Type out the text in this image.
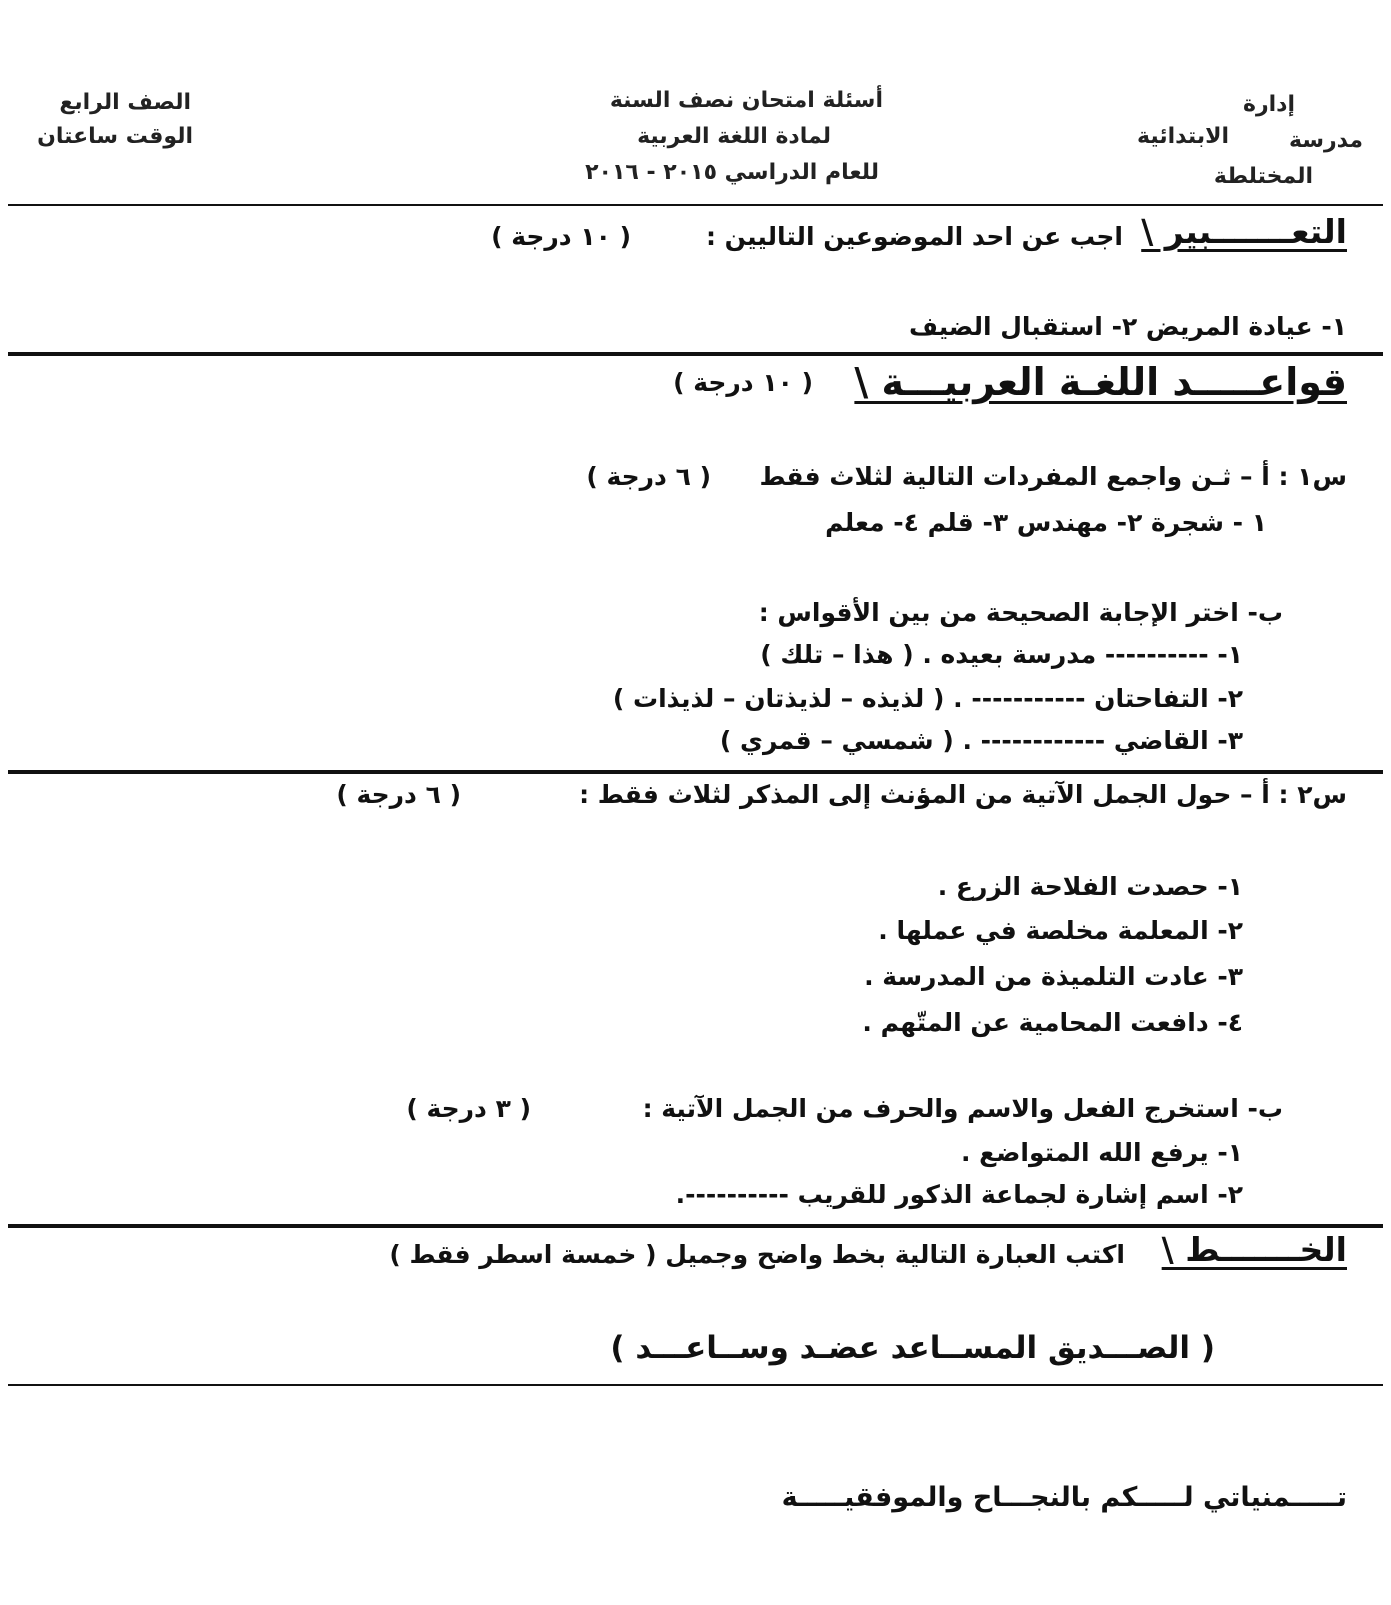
إدارة
مدرسة
الابتدائية
المختلطة
أسئلة امتحان نصف السنة
لمادة اللغة العربية
للعام الدراسي ٢٠١٥ - ٢٠١٦
الصف الرابع
الوقت ساعتان
التعـــــــبير \
اجب عن احد الموضوعين التاليين :
( ١٠ درجة )
١- عيادة المريض ٢- استقبال الضيف
قواعـــــد اللغـة العربيـــة \
( ١٠ درجة )
س١ : أ – ثـن واجمع المفردات التالية لثلاث فقط
( ٦ درجة )
١ - شجرة ٢- مهندس ٣- قلم ٤- معلم
ب- اختر الإجابة الصحيحة من بين الأقواس :
١- ---------- مدرسة بعيده . ( هذا – تلك )
٢- التفاحتان ----------- . ( لذيذه – لذيذتان – لذيذات )
٣- القاضي ------------ . ( شمسي – قمري )
س٢ : أ – حول الجمل الآتية من المؤنث إلى المذكر لثلاث فقط :
( ٦ درجة )
١- حصدت الفلاحة الزرع .
٢- المعلمة مخلصة في عملها .
٣- عادت التلميذة من المدرسة .
٤- دافعت المحامية عن المتّهم .
ب- استخرج الفعل والاسم والحرف من الجمل الآتية :
( ٣ درجة )
١- يرفع الله المتواضع .
٢- اسم إشارة لجماعة الذكور للقريب ----------.
الخـــــــط \
اكتب العبارة التالية بخط واضح وجميل ( خمسة اسطر فقط )
( الصـــديق المســاعد عضـد وســاعـــد )
تـــــمنياتي لـــــكم بالنجـــاح والموفقيـــــة
